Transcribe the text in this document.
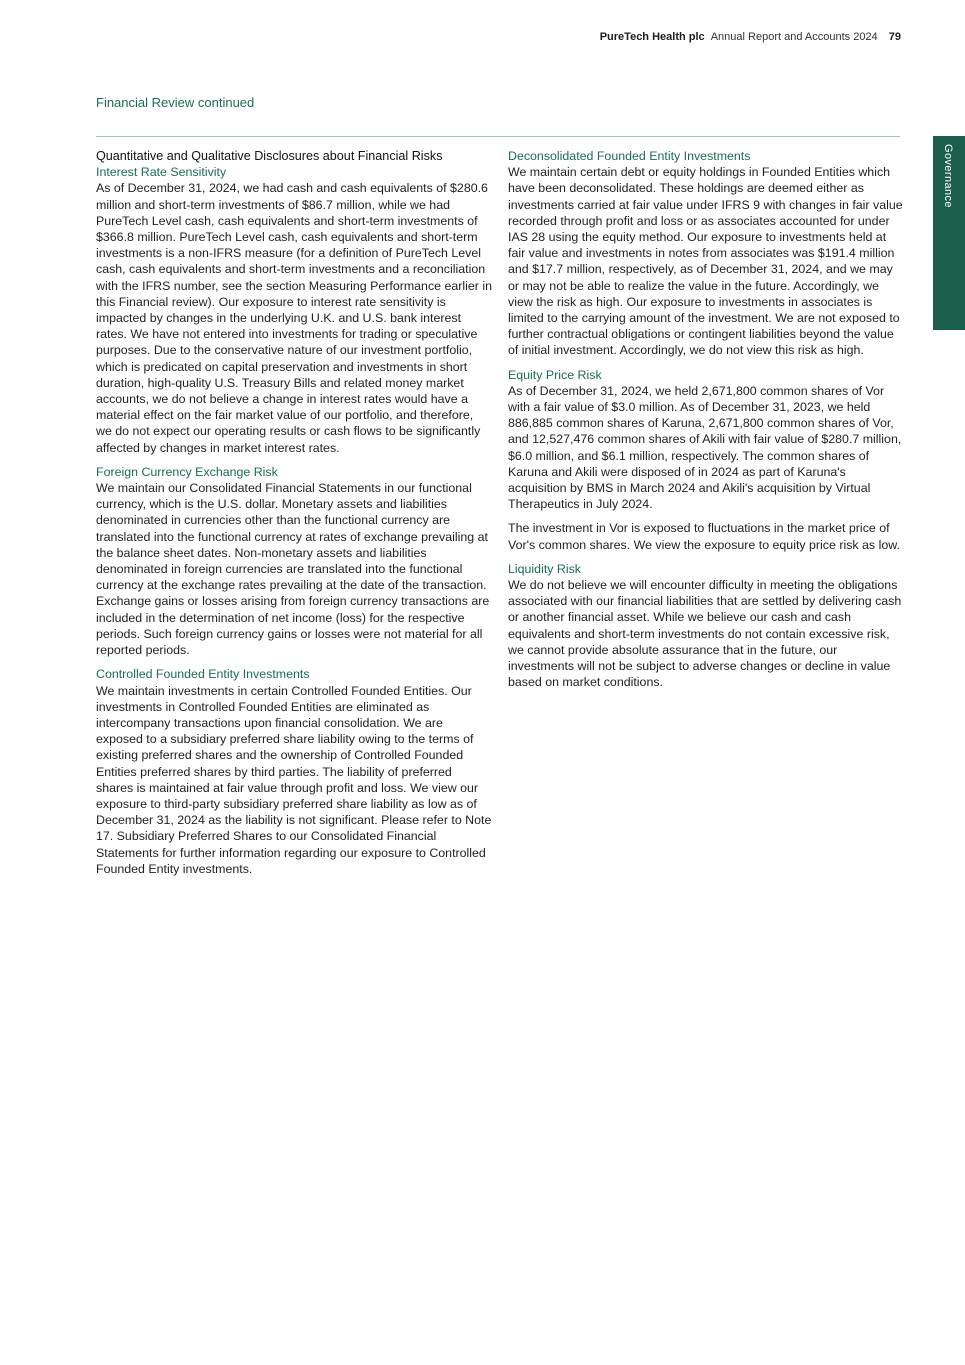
PureTech Health plc Annual Report and Accounts 2024 79
Financial Review continued
Governance

Quantitative and Qualitative Disclosures about Financial Risks

Interest Rate Sensitivity

As of December 31, 2024, we had cash and cash equivalents of $280.6 million and short-term investments of $86.7 million, while we had PureTech Level cash, cash equivalents and short-term investments of $366.8 million. PureTech Level cash, cash equivalents and short-term investments is a non-IFRS measure (for a definition of PureTech Level cash, cash equivalents and short-term investments and a reconciliation with the IFRS number, see the section Measuring Performance earlier in this Financial review). Our exposure to interest rate sensitivity is impacted by changes in the underlying U.K. and U.S. bank interest rates. We have not entered into investments for trading or speculative purposes. Due to the conservative nature of our investment portfolio, which is predicated on capital preservation and investments in short duration, high-quality U.S. Treasury Bills and related money market accounts, we do not believe a change in interest rates would have a material effect on the fair market value of our portfolio, and therefore, we do not expect our operating results or cash flows to be significantly affected by changes in market interest rates.

Foreign Currency Exchange Risk

We maintain our Consolidated Financial Statements in our functional currency, which is the U.S. dollar. Monetary assets and liabilities denominated in currencies other than the functional currency are translated into the functional currency at rates of exchange prevailing at the balance sheet dates. Non-monetary assets and liabilities denominated in foreign currencies are translated into the functional currency at the exchange rates prevailing at the date of the transaction. Exchange gains or losses arising from foreign currency transactions are included in the determination of net income (loss) for the respective periods. Such foreign currency gains or losses were not material for all reported periods.

Controlled Founded Entity Investments

We maintain investments in certain Controlled Founded Entities. Our investments in Controlled Founded Entities are eliminated as intercompany transactions upon financial consolidation. We are exposed to a subsidiary preferred share liability owing to the terms of existing preferred shares and the ownership of Controlled Founded Entities preferred shares by third parties. The liability of preferred shares is maintained at fair value through profit and loss. We view our exposure to third-party subsidiary preferred share liability as low as of December 31, 2024 as the liability is not significant. Please refer to Note 17. Subsidiary Preferred Shares to our Consolidated Financial Statements for further information regarding our exposure to Controlled Founded Entity investments.

Deconsolidated Founded Entity Investments

We maintain certain debt or equity holdings in Founded Entities which have been deconsolidated. These holdings are deemed either as investments carried at fair value under IFRS 9 with changes in fair value recorded through profit and loss or as associates accounted for under IAS 28 using the equity method. Our exposure to investments held at fair value and investments in notes from associates was $191.4 million and $17.7 million, respectively, as of December 31, 2024, and we may or may not be able to realize the value in the future. Accordingly, we view the risk as high. Our exposure to investments in associates is limited to the carrying amount of the investment. We are not exposed to further contractual obligations or contingent liabilities beyond the value of initial investment. Accordingly, we do not view this risk as high.

Equity Price Risk

As of December 31, 2024, we held 2,671,800 common shares of Vor with a fair value of $3.0 million. As of December 31, 2023, we held 886,885 common shares of Karuna, 2,671,800 common shares of Vor, and 12,527,476 common shares of Akili with fair value of $280.7 million, $6.0 million, and $6.1 million, respectively. The common shares of Karuna and Akili were disposed of in 2024 as part of Karuna's acquisition by BMS in March 2024 and Akili's acquisition by Virtual Therapeutics in July 2024.

The investment in Vor is exposed to fluctuations in the market price of Vor's common shares. We view the exposure to equity price risk as low.

Liquidity Risk

We do not believe we will encounter difficulty in meeting the obligations associated with our financial liabilities that are settled by delivering cash or another financial asset. While we believe our cash and cash equivalents and short-term investments do not contain excessive risk, we cannot provide absolute assurance that in the future, our investments will not be subject to adverse changes or decline in value based on market conditions.
